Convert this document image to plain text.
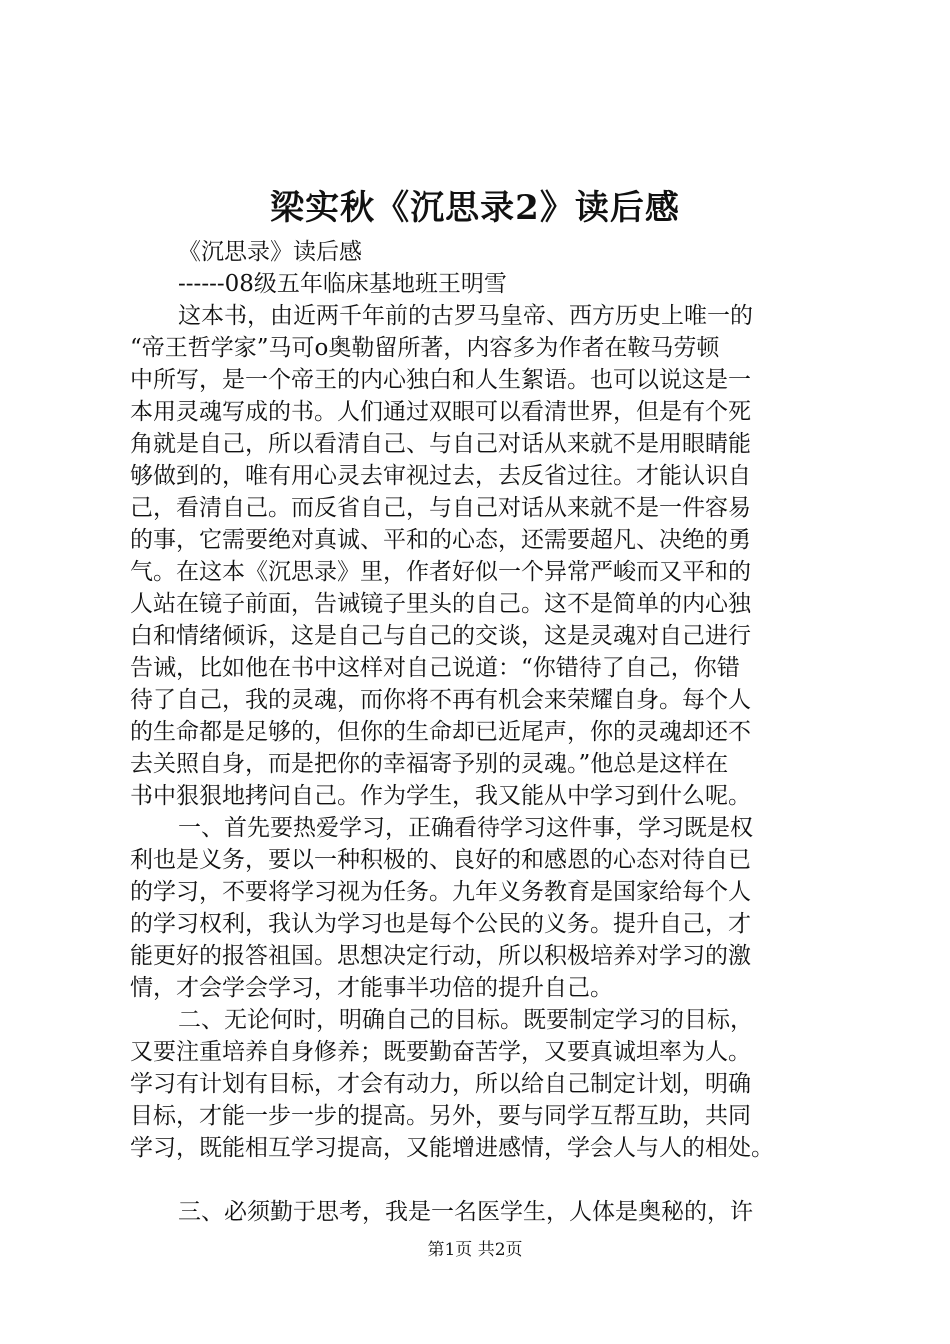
梁实秋《沉思录2》读后感
《沉思录》读后感
------08级五年临床基地班王明雪
这本书，由近两千年前的古罗马皇帝、西方历史上唯一的
“帝王哲学家”马可o奥勒留所著，内容多为作者在鞍马劳顿
中所写，是一个帝王的内心独白和人生絮语。也可以说这是一
本用灵魂写成的书。人们通过双眼可以看清世界，但是有个死
角就是自己，所以看清自己、与自己对话从来就不是用眼睛能
够做到的，唯有用心灵去审视过去，去反省过往。才能认识自
己，看清自己。而反省自己，与自己对话从来就不是一件容易
的事，它需要绝对真诚、平和的心态，还需要超凡、决绝的勇
气。在这本《沉思录》里，作者好似一个异常严峻而又平和的
人站在镜子前面，告诫镜子里头的自己。这不是简单的内心独
白和情绪倾诉，这是自己与自己的交谈，这是灵魂对自己进行
告诫，比如他在书中这样对自己说道：“你错待了自己，你错
待了自己，我的灵魂，而你将不再有机会来荣耀自身。每个人
的生命都是足够的，但你的生命却已近尾声，你的灵魂却还不
去关照自身，而是把你的幸福寄予别的灵魂。”他总是这样在
书中狠狠地拷问自己。作为学生，我又能从中学习到什么呢。
一、首先要热爱学习，正确看待学习这件事，学习既是权
利也是义务，要以一种积极的、良好的和感恩的心态对待自已
的学习，不要将学习视为任务。九年义务教育是国家给每个人
的学习权利，我认为学习也是每个公民的义务。提升自己，才
能更好的报答祖国。思想决定行动，所以积极培养对学习的激
情，才会学会学习，才能事半功倍的提升自己。
二、无论何时，明确自己的目标。既要制定学习的目标，
又要注重培养自身修养；既要勤奋苦学，又要真诚坦率为人。
学习有计划有目标，才会有动力，所以给自己制定计划，明确
目标，才能一步一步的提高。另外，要与同学互帮互助，共同
学习，既能相互学习提高，又能增进感情，学会人与人的相处。
三、必须勤于思考，我是一名医学生，人体是奥秘的，许
第1页 共2页
